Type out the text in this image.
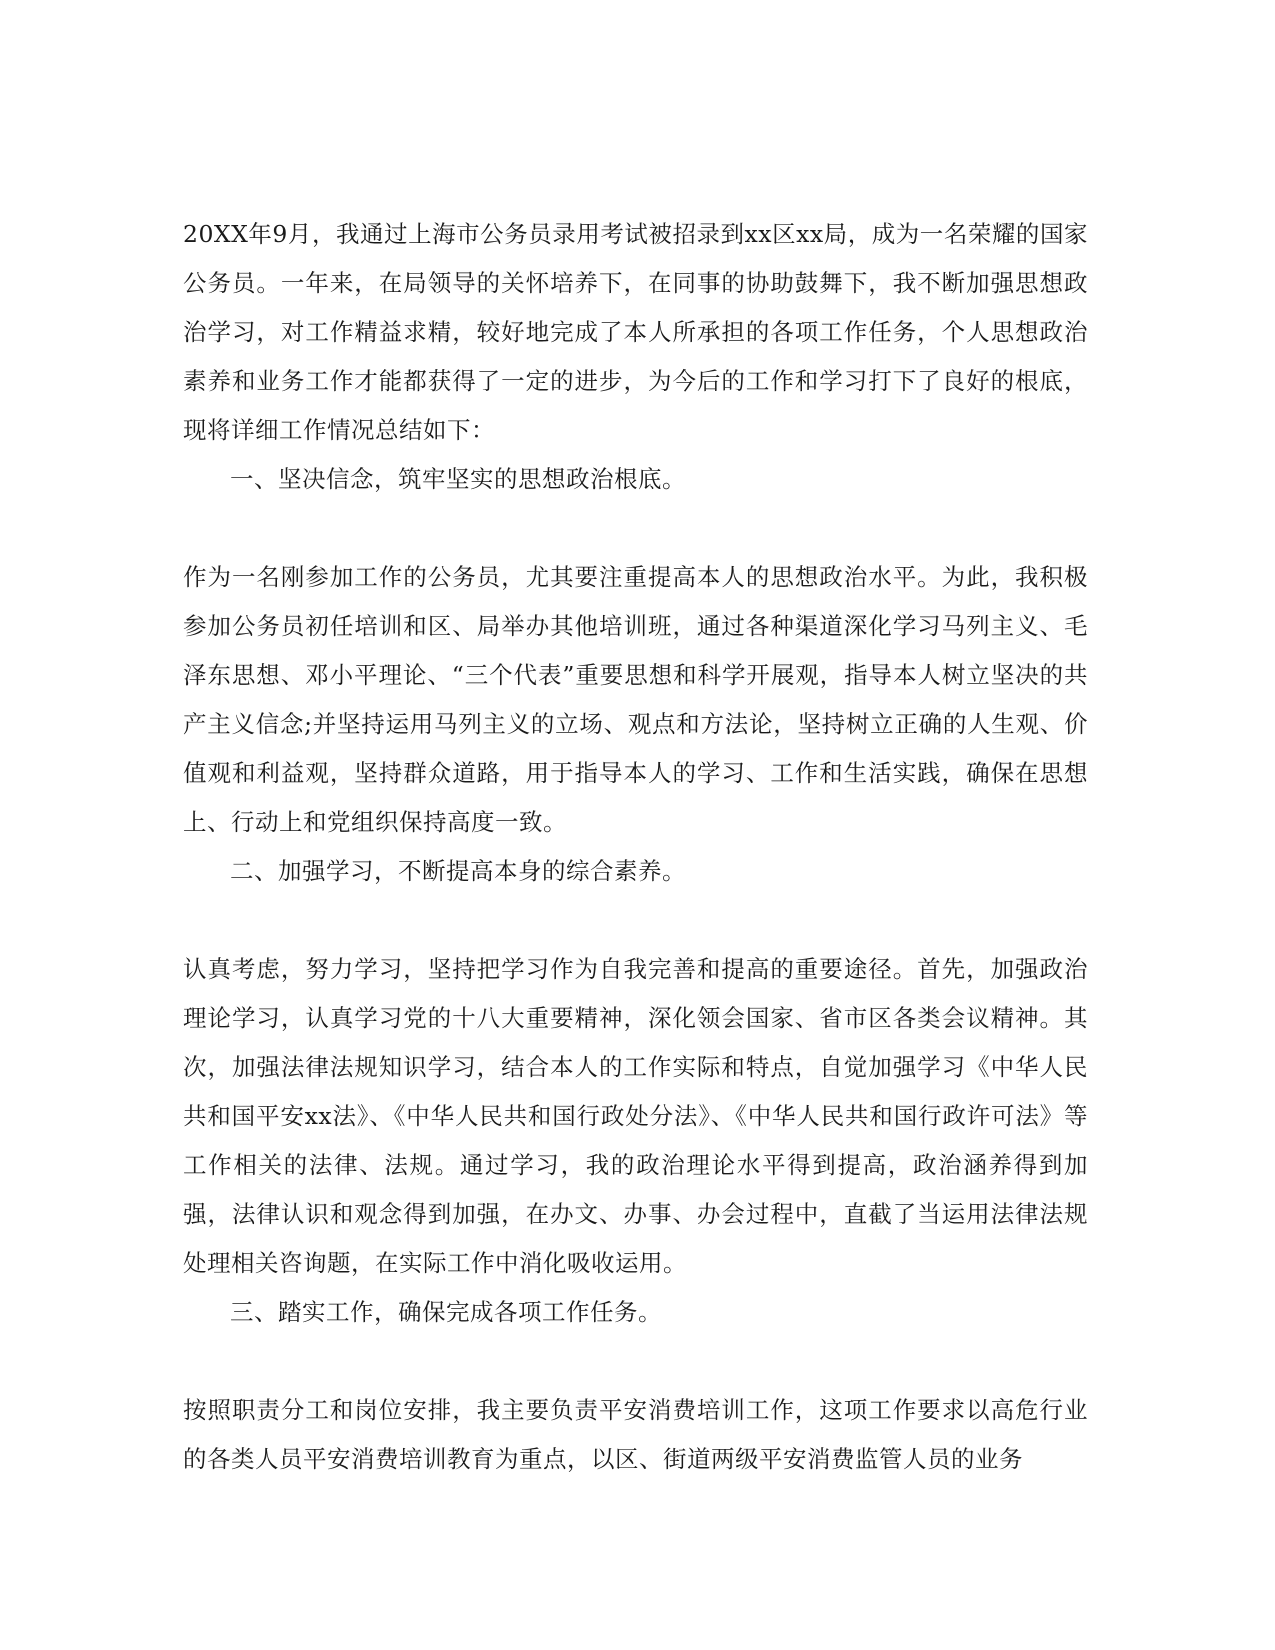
20XX年9月，我通过上海市公务员录用考试被招录到xx区xx局，成为一名荣耀的国家公务员。一年来，在局领导的关怀培养下，在同事的协助鼓舞下，我不断加强思想政治学习，对工作精益求精，较好地完成了本人所承担的各项工作任务，个人思想政治素养和业务工作才能都获得了一定的进步，为今后的工作和学习打下了良好的根底，现将详细工作情况总结如下：

一、坚决信念，筑牢坚实的思想政治根底。

作为一名刚参加工作的公务员，尤其要注重提高本人的思想政治水平。为此，我积极参加公务员初任培训和区、局举办其他培训班，通过各种渠道深化学习马列主义、毛泽东思想、邓小平理论、“三个代表”重要思想和科学开展观，指导本人树立坚决的共产主义信念;并坚持运用马列主义的立场、观点和方法论，坚持树立正确的人生观、价值观和利益观，坚持群众道路，用于指导本人的学习、工作和生活实践，确保在思想上、行动上和党组织保持高度一致。

二、加强学习，不断提高本身的综合素养。

认真考虑，努力学习，坚持把学习作为自我完善和提高的重要途径。首先，加强政治理论学习，认真学习党的十八大重要精神，深化领会国家、省市区各类会议精神。其次，加强法律法规知识学习，结合本人的工作实际和特点，自觉加强学习《中华人民共和国平安xx法》、《中华人民共和国行政处分法》、《中华人民共和国行政许可法》等工作相关的法律、法规。通过学习，我的政治理论水平得到提高，政治涵养得到加强，法律认识和观念得到加强，在办文、办事、办会过程中，直截了当运用法律法规处理相关咨询题，在实际工作中消化吸收运用。

三、踏实工作，确保完成各项工作任务。

按照职责分工和岗位安排，我主要负责平安消费培训工作，这项工作要求以高危行业的各类人员平安消费培训教育为重点，以区、街道两级平安消费监管人员的业务
